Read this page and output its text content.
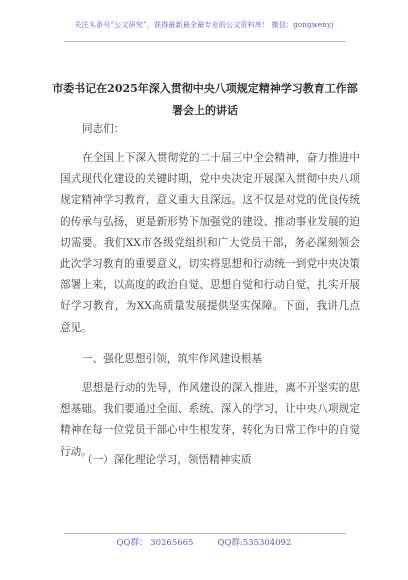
关注头条号“公文研究”，获得最新最全最专业的公文资料库！ 微信：gongwenyj
市委书记在2025年深入贯彻中央八项规定精神学习教育工作部署会上的讲话
同志们：
在全国上下深入贯彻党的二十届三中全会精神，奋力推进中国式现代化建设的关键时期，党中央决定开展深入贯彻中央八项规定精神学习教育，意义重大且深远。这不仅是对党的优良传统的传承与弘扬，更是新形势下加强党的建设、推动事业发展的迫切需要。我们XX市各级党组织和广大党员干部，务必深刻领会此次学习教育的重要意义，切实将思想和行动统一到党中央决策部署上来，以高度的政治自觉、思想自觉和行动自觉，扎实开展好学习教育，为XX高质量发展提供坚实保障。下面，我讲几点意见。
一、强化思想引领，筑牢作风建设根基
思想是行动的先导，作风建设的深入推进，离不开坚实的思想基础。我们要通过全面、系统、深入的学习，让中央八项规定精神在每一位党员干部心中生根发芽，转化为日常工作中的自觉行动。
（一）深化理论学习，领悟精神实质
QQ群： 30265665	QQ群:535304092
